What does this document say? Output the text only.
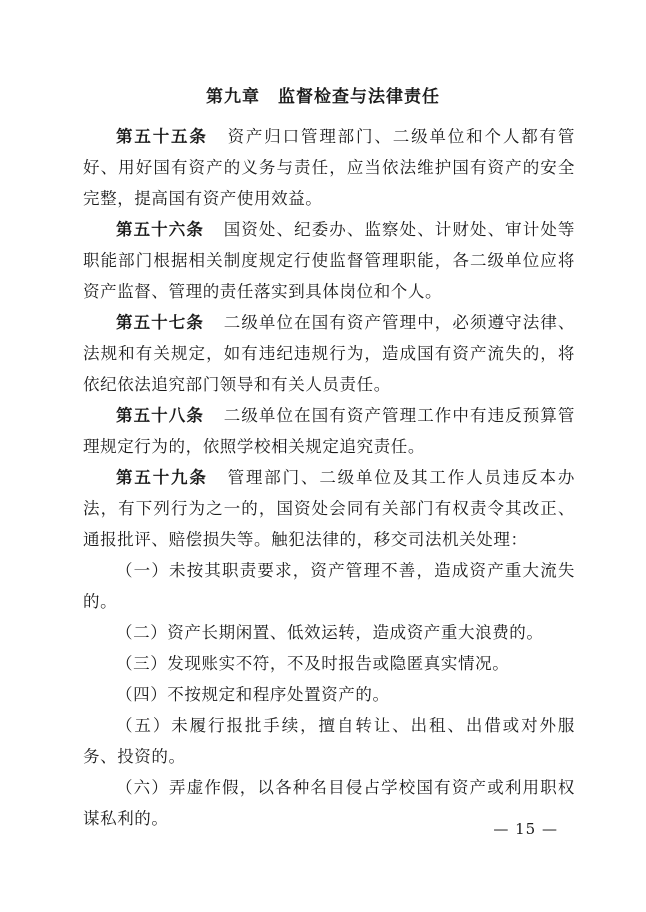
第九章　监督检查与法律责任

第五十五条 资产归口管理部门、二级单位和个人都有管好、用好国有资产的义务与责任，应当依法维护国有资产的安全完整，提高国有资产使用效益。

第五十六条 国资处、纪委办、监察处、计财处、审计处等职能部门根据相关制度规定行使监督管理职能，各二级单位应将资产监督、管理的责任落实到具体岗位和个人。

第五十七条 二级单位在国有资产管理中，必须遵守法律、法规和有关规定，如有违纪违规行为，造成国有资产流失的，将依纪依法追究部门领导和有关人员责任。

第五十八条 二级单位在国有资产管理工作中有违反预算管理规定行为的，依照学校相关规定追究责任。

第五十九条 管理部门、二级单位及其工作人员违反本办法，有下列行为之一的，国资处会同有关部门有权责令其改正、通报批评、赔偿损失等。触犯法律的，移交司法机关处理：

（一）未按其职责要求，资产管理不善，造成资产重大流失的。

（二）资产长期闲置、低效运转，造成资产重大浪费的。

（三）发现账实不符，不及时报告或隐匿真实情况。

（四）不按规定和程序处置资产的。

（五）未履行报批手续，擅自转让、出租、出借或对外服务、投资的。

（六）弄虚作假，以各种名目侵占学校国有资产或利用职权谋私利的。

— 15 —
